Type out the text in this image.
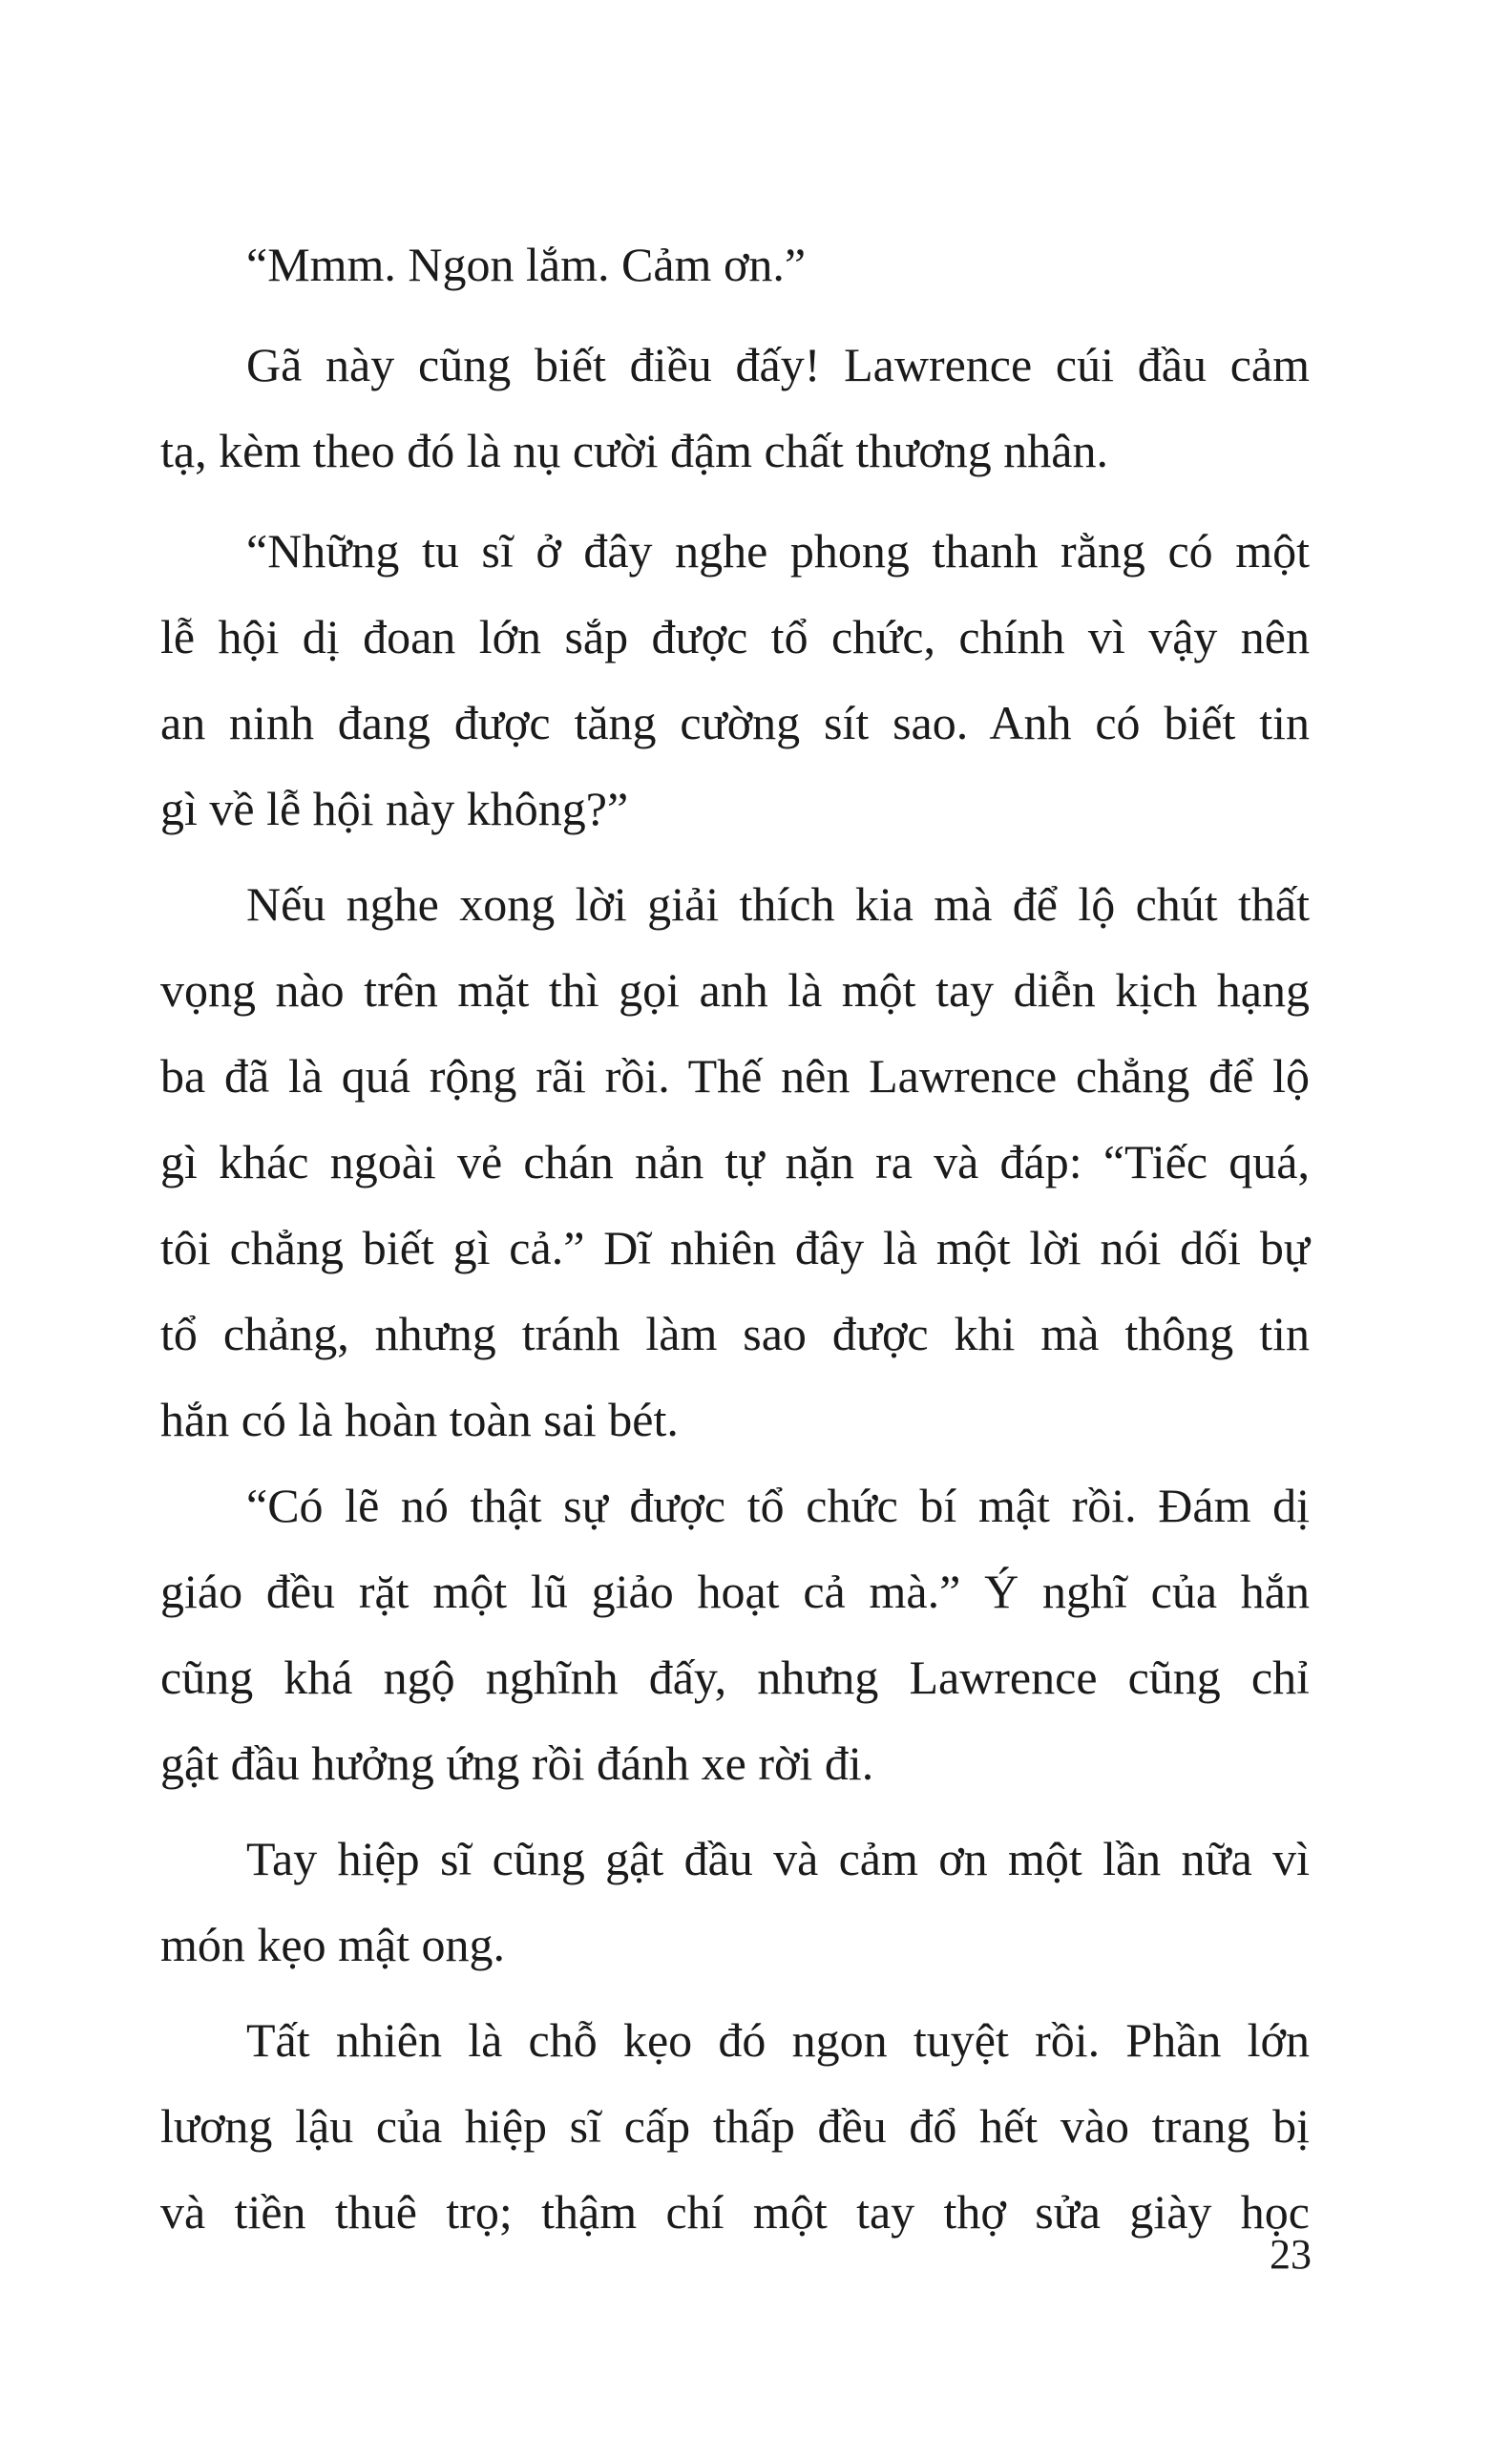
“Mmm. Ngon lắm. Cảm ơn.”
Gã này cũng biết điều đấy! Lawrence cúi đầu cảm
tạ, kèm theo đó là nụ cười đậm chất thương nhân.
“Những tu sĩ ở đây nghe phong thanh rằng có một
lễ hội dị đoan lớn sắp được tổ chức, chính vì vậy nên
an ninh đang được tăng cường sít sao. Anh có biết tin
gì về lễ hội này không?”
Nếu nghe xong lời giải thích kia mà để lộ chút thất
vọng nào trên mặt thì gọi anh là một tay diễn kịch hạng
ba đã là quá rộng rãi rồi. Thế nên Lawrence chẳng để lộ
gì khác ngoài vẻ chán nản tự nặn ra và đáp: “Tiếc quá,
tôi chẳng biết gì cả.” Dĩ nhiên đây là một lời nói dối bự
tổ chảng, nhưng tránh làm sao được khi mà thông tin
hắn có là hoàn toàn sai bét.
“Có lẽ nó thật sự được tổ chức bí mật rồi. Đám dị
giáo đều rặt một lũ giảo hoạt cả mà.” Ý nghĩ của hắn
cũng khá ngộ nghĩnh đấy, nhưng Lawrence cũng chỉ
gật đầu hưởng ứng rồi đánh xe rời đi.
Tay hiệp sĩ cũng gật đầu và cảm ơn một lần nữa vì
món kẹo mật ong.
Tất nhiên là chỗ kẹo đó ngon tuyệt rồi. Phần lớn
lương lậu của hiệp sĩ cấp thấp đều đổ hết vào trang bị
và tiền thuê trọ; thậm chí một tay thợ sửa giày học
23
